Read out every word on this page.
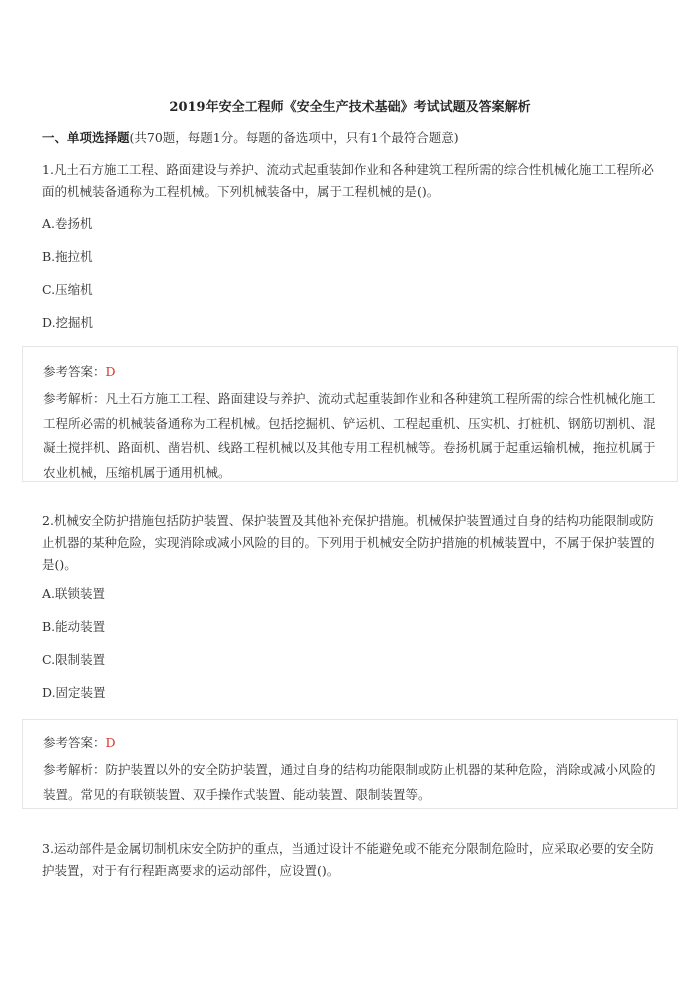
2019年安全工程师《安全生产技术基础》考试试题及答案解析
一、单项选择题(共70题，每题1分。每题的备选项中，只有1个最符合题意)
1.凡土石方施工工程、路面建设与养护、流动式起重装卸作业和各种建筑工程所需的综合性机械化施工工程所必面的机械装备通称为工程机械。下列机械装备中，属于工程机械的是()。
A.卷扬机
B.拖拉机
C.压缩机
D.挖掘机
参考答案：D
参考解析：凡土石方施工工程、路面建设与养护、流动式起重装卸作业和各种建筑工程所需的综合性机械化施工工程所必需的机械装备通称为工程机械。包括挖掘机、铲运机、工程起重机、压实机、打桩机、钢筋切割机、混凝土搅拌机、路面机、凿岩机、线路工程机械以及其他专用工程机械等。卷扬机属于起重运输机械，拖拉机属于农业机械，压缩机属于通用机械。
2.机械安全防护措施包括防护装置、保护装置及其他补充保护措施。机械保护装置通过自身的结构功能限制或防止机器的某种危险，实现消除或减小风险的目的。下列用于机械安全防护措施的机械装置中，不属于保护装置的是()。
A.联锁装置
B.能动装置
C.限制装置
D.固定装置
参考答案：D
参考解析：防护装置以外的安全防护装置，通过自身的结构功能限制或防止机器的某种危险，消除或减小风险的装置。常见的有联锁装置、双手操作式装置、能动装置、限制装置等。
3.运动部件是金属切制机床安全防护的重点，当通过设计不能避免或不能充分限制危险时，应采取必要的安全防护装置，对于有行程距离要求的运动部件，应设置()。
